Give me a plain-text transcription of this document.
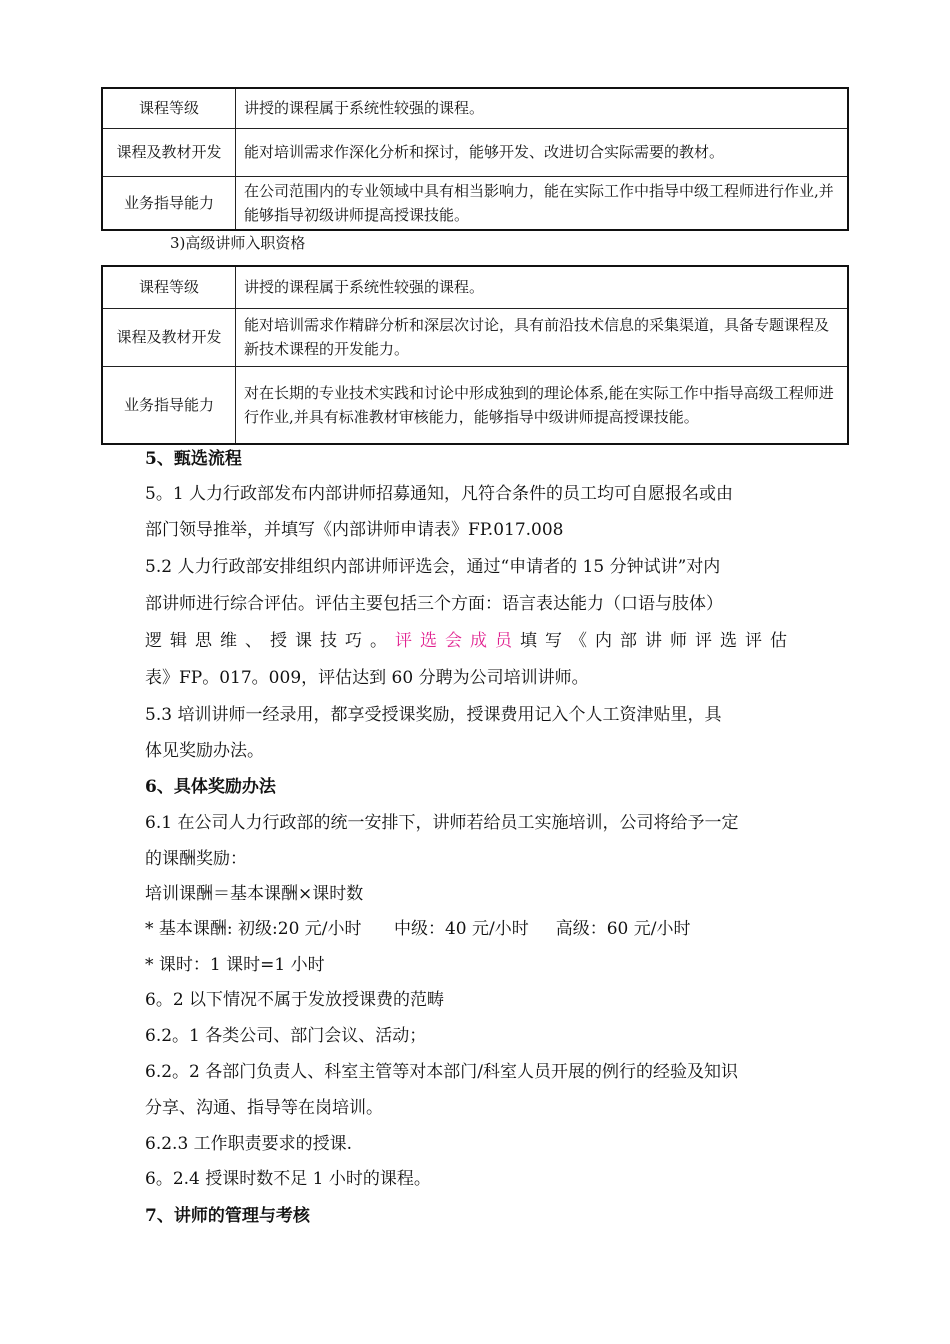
课程等级	讲授的课程属于系统性较强的课程。
课程及教材开发	能对培训需求作深化分析和探讨，能够开发、改进切合实际需要的教材。
业务指导能力	在公司范围内的专业领域中具有相当影响力，能在实际工作中指导中级工程师进行作业,并能够指导初级讲师提高授课技能。
3)高级讲师入职资格
课程等级	讲授的课程属于系统性较强的课程。
课程及教材开发	能对培训需求作精辟分析和深层次讨论，具有前沿技术信息的采集渠道，具备专题课程及新技术课程的开发能力。
业务指导能力	对在长期的专业技术实践和讨论中形成独到的理论体系,能在实际工作中指导高级工程师进行作业,并具有标准教材审核能力，能够指导中级讲师提高授课技能。
5、甄选流程
5。1 人力行政部发布内部讲师招募通知，凡符合条件的员工均可自愿报名或由
部门领导推举，并填写《内部讲师申请表》FP.017.008
5.2 人力行政部安排组织内部讲师评选会，通过“申请者的 15 分钟试讲”对内
部讲师进行综合评估。评估主要包括三个方面：语言表达能力（口语与肢体）
逻辑思维、授课技巧。评选会成员填写《内部讲师评选评估
表》FP。017。009，评估达到 60 分聘为公司培训讲师。
5.3 培训讲师一经录用，都享受授课奖励，授课费用记入个人工资津贴里，具
体见奖励办法。
6、具体奖励办法
6.1 在公司人力行政部的统一安排下，讲师若给员工实施培训，公司将给予一定
的课酬奖励：
培训课酬＝基本课酬×课时数
* 基本课酬: 初级:20 元/小时      中级：40 元/小时     高级：60 元/小时
* 课时：1 课时=1 小时
6。2 以下情况不属于发放授课费的范畴
6.2。1 各类公司、部门会议、活动；
6.2。2 各部门负责人、科室主管等对本部门/科室人员开展的例行的经验及知识
分享、沟通、指导等在岗培训。
6.2.3 工作职责要求的授课.
6。2.4 授课时数不足 1 小时的课程。
7、讲师的管理与考核
